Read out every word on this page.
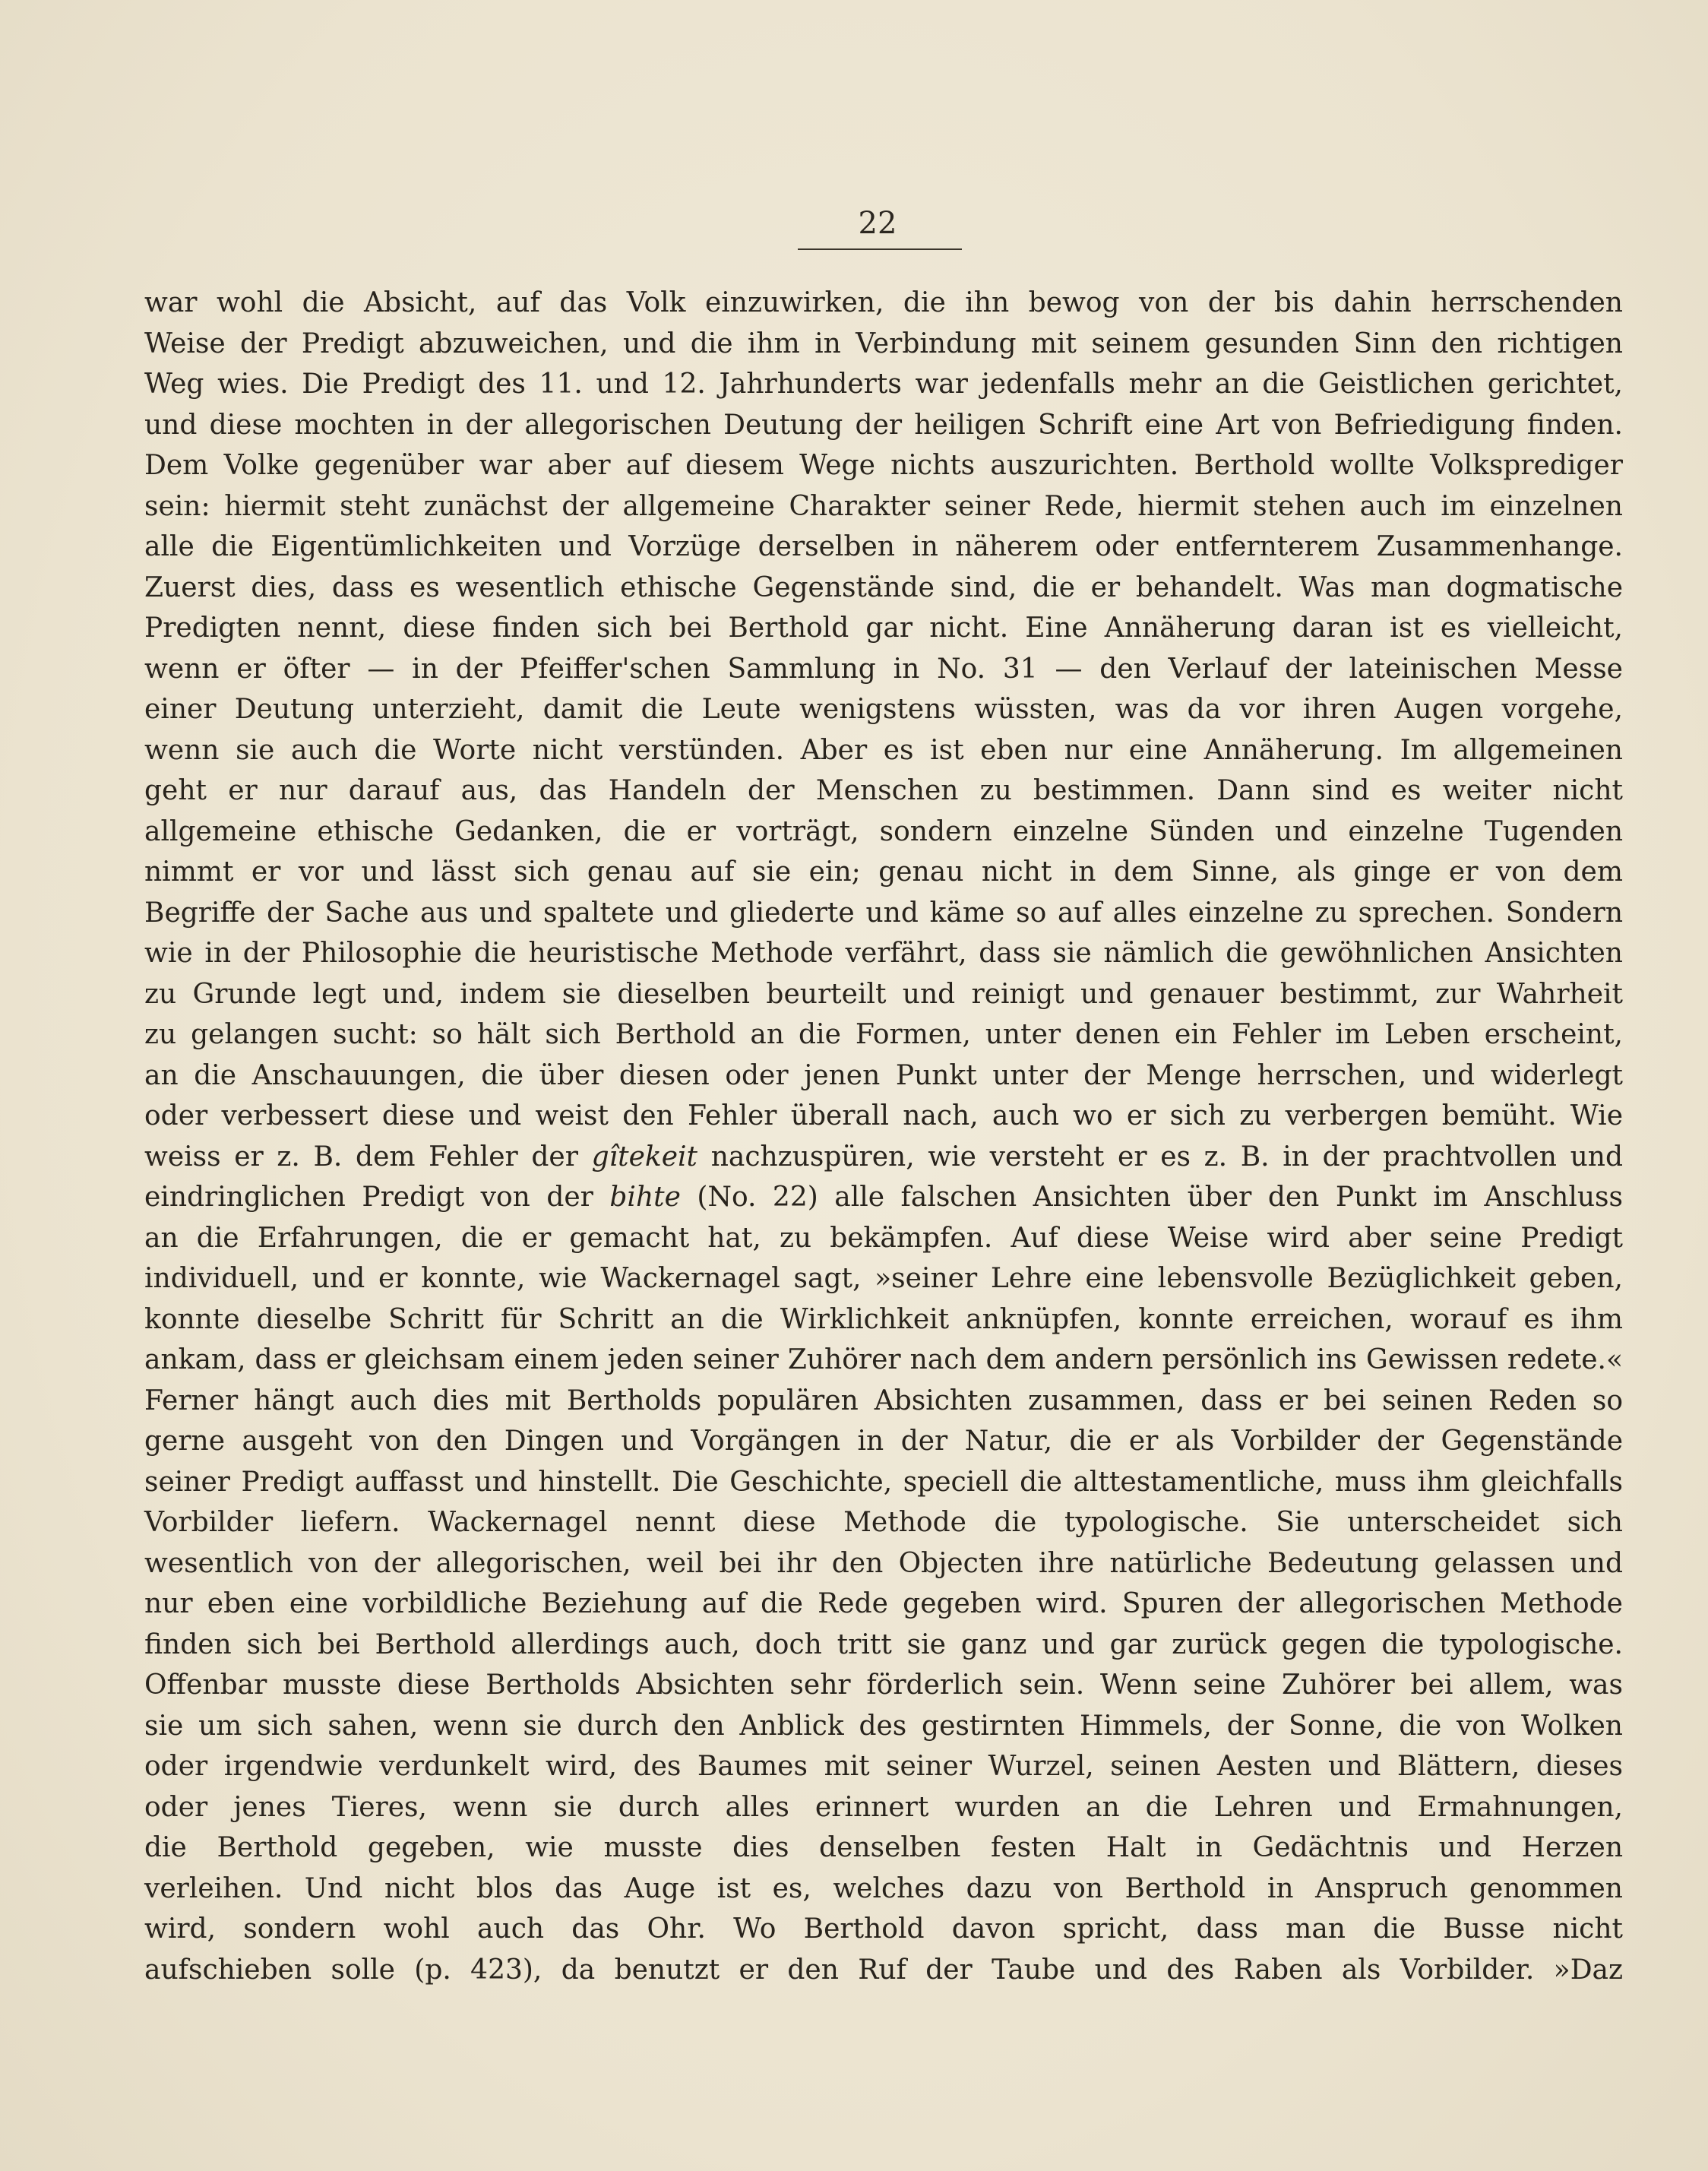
22
war wohl die Absicht, auf das Volk einzuwirken, die ihn bewog von der bis dahin herrschenden
Weise der Predigt abzuweichen, und die ihm in Verbindung mit seinem gesunden Sinn den richtigen
Weg wies. Die Predigt des 11. und 12. Jahrhunderts war jedenfalls mehr an die Geistlichen gerichtet,
und diese mochten in der allegorischen Deutung der heiligen Schrift eine Art von Befriedigung finden.
Dem Volke gegenüber war aber auf diesem Wege nichts auszurichten. Berthold wollte Volksprediger
sein: hiermit steht zunächst der allgemeine Charakter seiner Rede, hiermit stehen auch im einzelnen
alle die Eigentümlichkeiten und Vorzüge derselben in näherem oder entfernterem Zusammenhange.
Zuerst dies, dass es wesentlich ethische Gegenstände sind, die er behandelt. Was man dogmatische
Predigten nennt, diese finden sich bei Berthold gar nicht. Eine Annäherung daran ist es vielleicht,
wenn er öfter — in der Pfeiffer'schen Sammlung in No. 31 — den Verlauf der lateinischen Messe
einer Deutung unterzieht, damit die Leute wenigstens wüssten, was da vor ihren Augen vorgehe,
wenn sie auch die Worte nicht verstünden. Aber es ist eben nur eine Annäherung. Im allgemeinen
geht er nur darauf aus, das Handeln der Menschen zu bestimmen. Dann sind es weiter nicht
allgemeine ethische Gedanken, die er vorträgt, sondern einzelne Sünden und einzelne Tugenden
nimmt er vor und lässt sich genau auf sie ein; genau nicht in dem Sinne, als ginge er von dem
Begriffe der Sache aus und spaltete und gliederte und käme so auf alles einzelne zu sprechen. Sondern
wie in der Philosophie die heuristische Methode verfährt, dass sie nämlich die gewöhnlichen Ansichten
zu Grunde legt und, indem sie dieselben beurteilt und reinigt und genauer bestimmt, zur Wahrheit
zu gelangen sucht: so hält sich Berthold an die Formen, unter denen ein Fehler im Leben erscheint,
an die Anschauungen, die über diesen oder jenen Punkt unter der Menge herrschen, und widerlegt
oder verbessert diese und weist den Fehler überall nach, auch wo er sich zu verbergen bemüht. Wie
weiss er z. B. dem Fehler der gîtekeit nachzuspüren, wie versteht er es z. B. in der prachtvollen und
eindringlichen Predigt von der bihte (No. 22) alle falschen Ansichten über den Punkt im Anschluss
an die Erfahrungen, die er gemacht hat, zu bekämpfen. Auf diese Weise wird aber seine Predigt
individuell, und er konnte, wie Wackernagel sagt, »seiner Lehre eine lebensvolle Bezüglichkeit geben,
konnte dieselbe Schritt für Schritt an die Wirklichkeit anknüpfen, konnte erreichen, worauf es ihm
ankam, dass er gleichsam einem jeden seiner Zuhörer nach dem andern persönlich ins Gewissen redete.«
Ferner hängt auch dies mit Bertholds populären Absichten zusammen, dass er bei seinen Reden so
gerne ausgeht von den Dingen und Vorgängen in der Natur, die er als Vorbilder der Gegenstände
seiner Predigt auffasst und hinstellt. Die Geschichte, speciell die alttestamentliche, muss ihm gleichfalls
Vorbilder liefern. Wackernagel nennt diese Methode die typologische. Sie unterscheidet sich
wesentlich von der allegorischen, weil bei ihr den Objecten ihre natürliche Bedeutung gelassen und
nur eben eine vorbildliche Beziehung auf die Rede gegeben wird. Spuren der allegorischen Methode
finden sich bei Berthold allerdings auch, doch tritt sie ganz und gar zurück gegen die typologische.
Offenbar musste diese Bertholds Absichten sehr förderlich sein. Wenn seine Zuhörer bei allem, was
sie um sich sahen, wenn sie durch den Anblick des gestirnten Himmels, der Sonne, die von Wolken
oder irgendwie verdunkelt wird, des Baumes mit seiner Wurzel, seinen Aesten und Blättern, dieses
oder jenes Tieres, wenn sie durch alles erinnert wurden an die Lehren und Ermahnungen,
die Berthold gegeben, wie musste dies denselben festen Halt in Gedächtnis und Herzen
verleihen. Und nicht blos das Auge ist es, welches dazu von Berthold in Anspruch genommen
wird, sondern wohl auch das Ohr. Wo Berthold davon spricht, dass man die Busse nicht
aufschieben solle (p. 423), da benutzt er den Ruf der Taube und des Raben als Vorbilder. »Daz
